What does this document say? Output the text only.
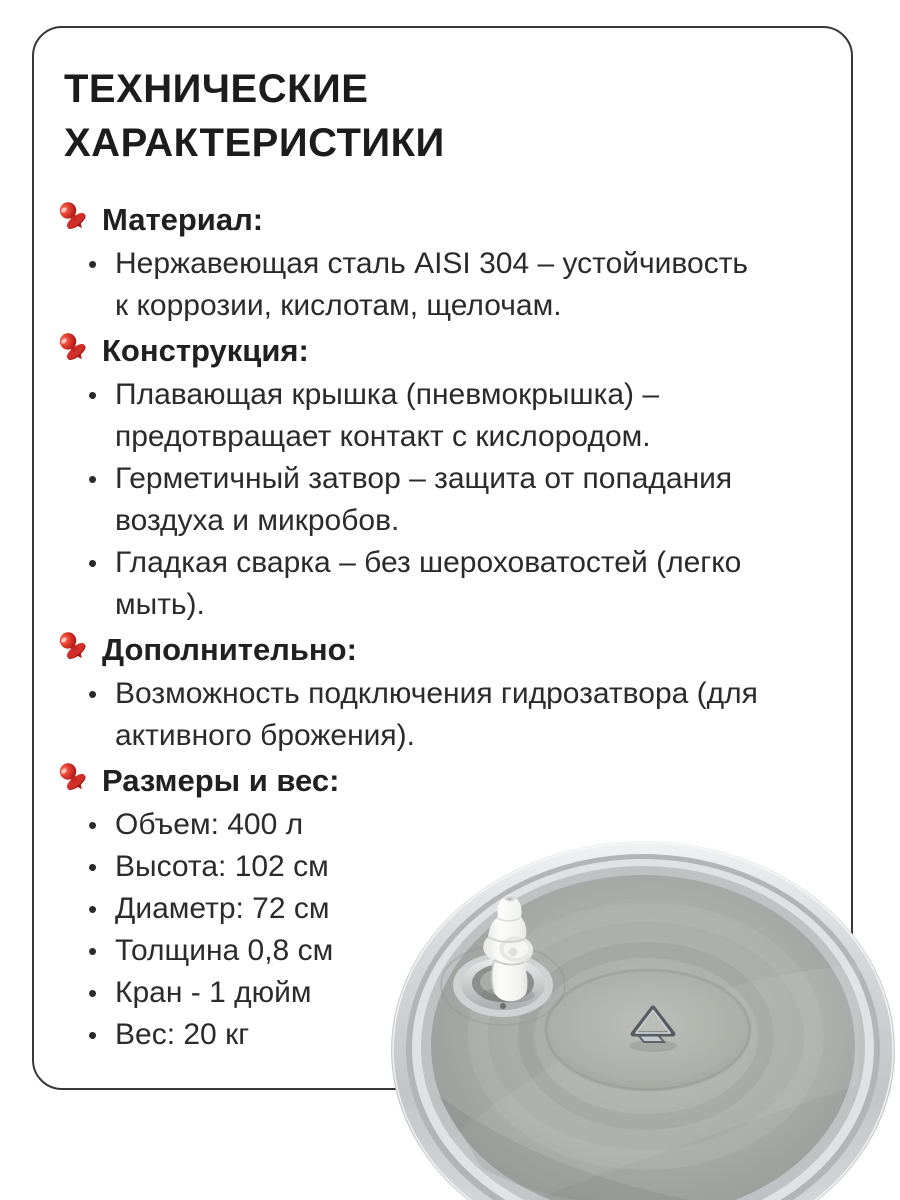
ТЕХНИЧЕСКИЕ ХАРАКТЕРИСТИКИ
Материал:
• Нержавеющая сталь AISI 304 – устойчивость к коррозии, кислотам, щелочам.
Конструкция:
• Плавающая крышка (пневмокрышка) – предотвращает контакт с кислородом.
• Герметичный затвор – защита от попадания воздуха и микробов.
• Гладкая сварка – без шероховатостей (легко мыть).
Дополнительно:
• Возможность подключения гидрозатвора (для активного брожения).
Размеры и вес:
• Объем: 400 л
• Высота: 102 см
• Диаметр: 72 см
• Толщина 0,8 см
• Кран - 1 дюйм
• Вес: 20 кг
